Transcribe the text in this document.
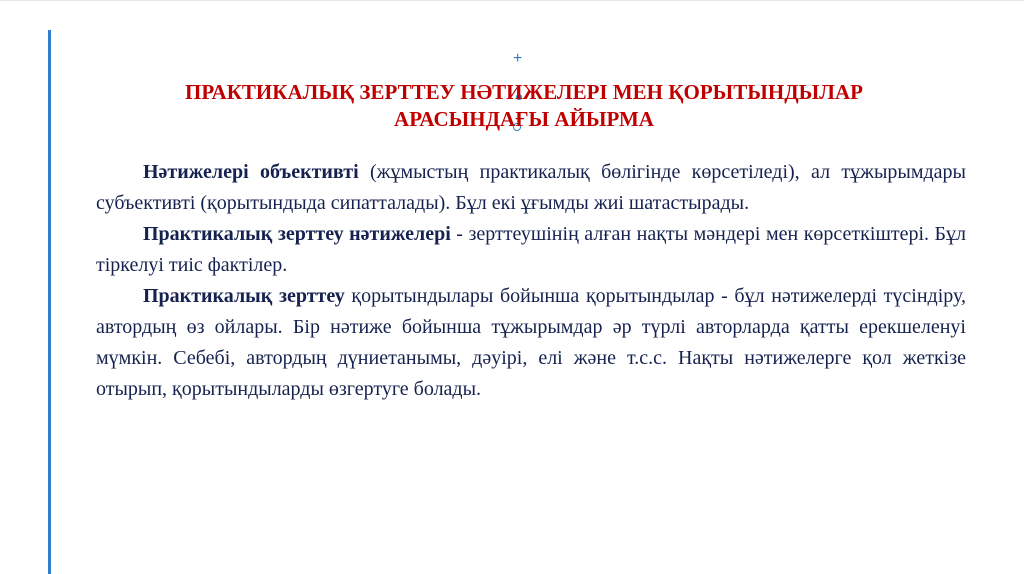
+
ПРАКТИКАЛЫҚ ЗЕРТТЕУ НӘТИЖЕЛЕРІ МЕН ҚОРЫТЫНДЫЛАР
АРАСЫНДАҒЫ АЙЫРМА

Нәтижелері объективті (жұмыстың практикалық бөлігінде көрсетіледі), ал тұжырымдары субъективті (қорытындыда сипатталады). Бұл екі ұғымды жиі шатастырады.

Практикалық зерттеу нәтижелері - зерттеушінің алған нақты мәндері мен көрсеткіштері. Бұл тіркелуі тиіс фактілер.

Практикалық зерттеу қорытындылары бойынша қорытындылар - бұл нәтижелерді түсіндіру, автордың өз ойлары. Бір нәтиже бойынша тұжырымдар әр түрлі авторларда қатты ерекшеленуі мүмкін. Себебі, автордың дүниетанымы, дәуірі, елі және т.с.с. Нақты нәтижелерге қол жеткізе отырып, қорытындыларды өзгертуге болады.
